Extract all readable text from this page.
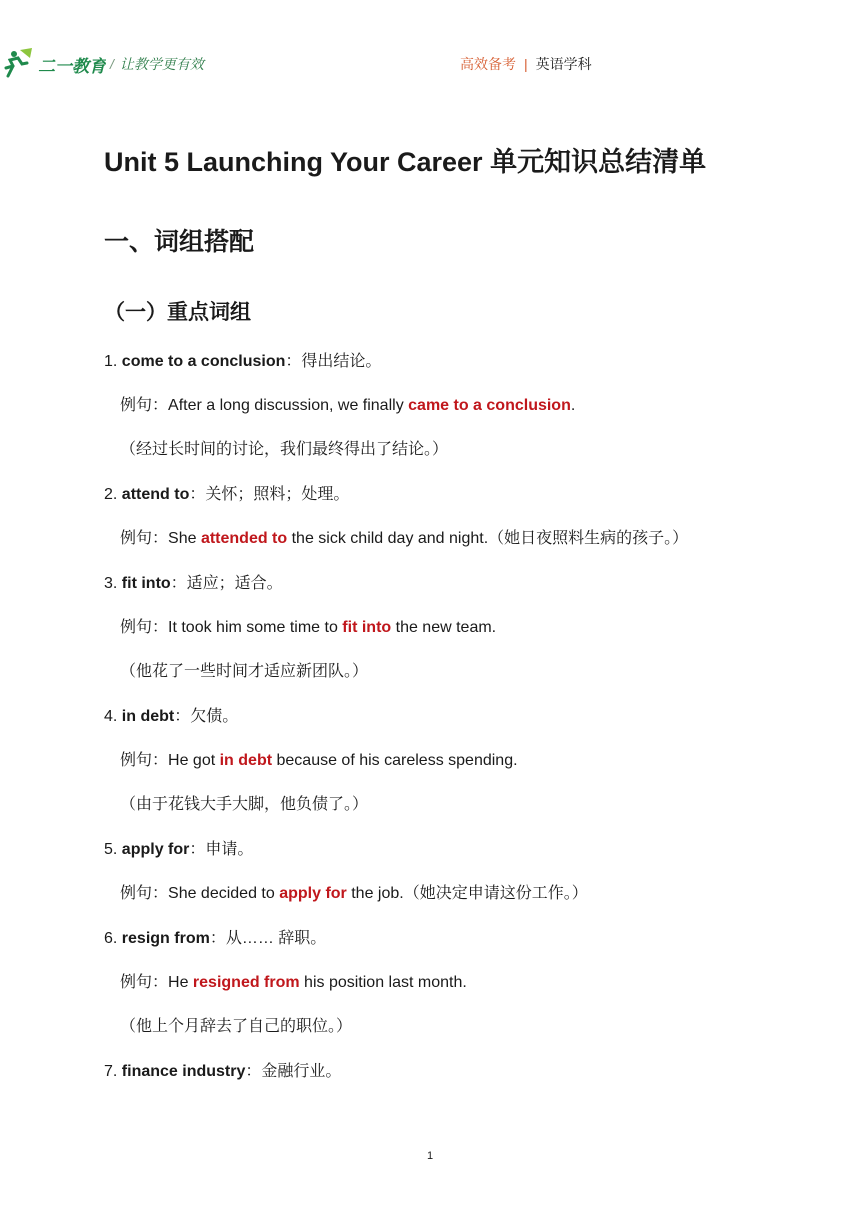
二一教育 / 让教学更有效	高效备考 | 英语学科
Unit 5 Launching Your Career 单元知识总结清单
一、词组搭配
（一）重点词组
1. come to a conclusion：得出结论。
例句：After a long discussion, we finally came to a conclusion.
（经过长时间的讨论，我们最终得出了结论。）
2. attend to：关怀；照料；处理。
例句：She attended to the sick child day and night.（她日夜照料生病的孩子。）
3. fit into：适应；适合。
例句：It took him some time to fit into the new team.
（他花了一些时间才适应新团队。）
4. in debt：欠债。
例句：He got in debt because of his careless spending.
（由于花钱大手大脚，他负债了。）
5. apply for：申请。
例句：She decided to apply for the job.（她决定申请这份工作。）
6. resign from：从…… 辞职。
例句：He resigned from his position last month.
（他上个月辞去了自己的职位。）
7. finance industry：金融行业。
1
